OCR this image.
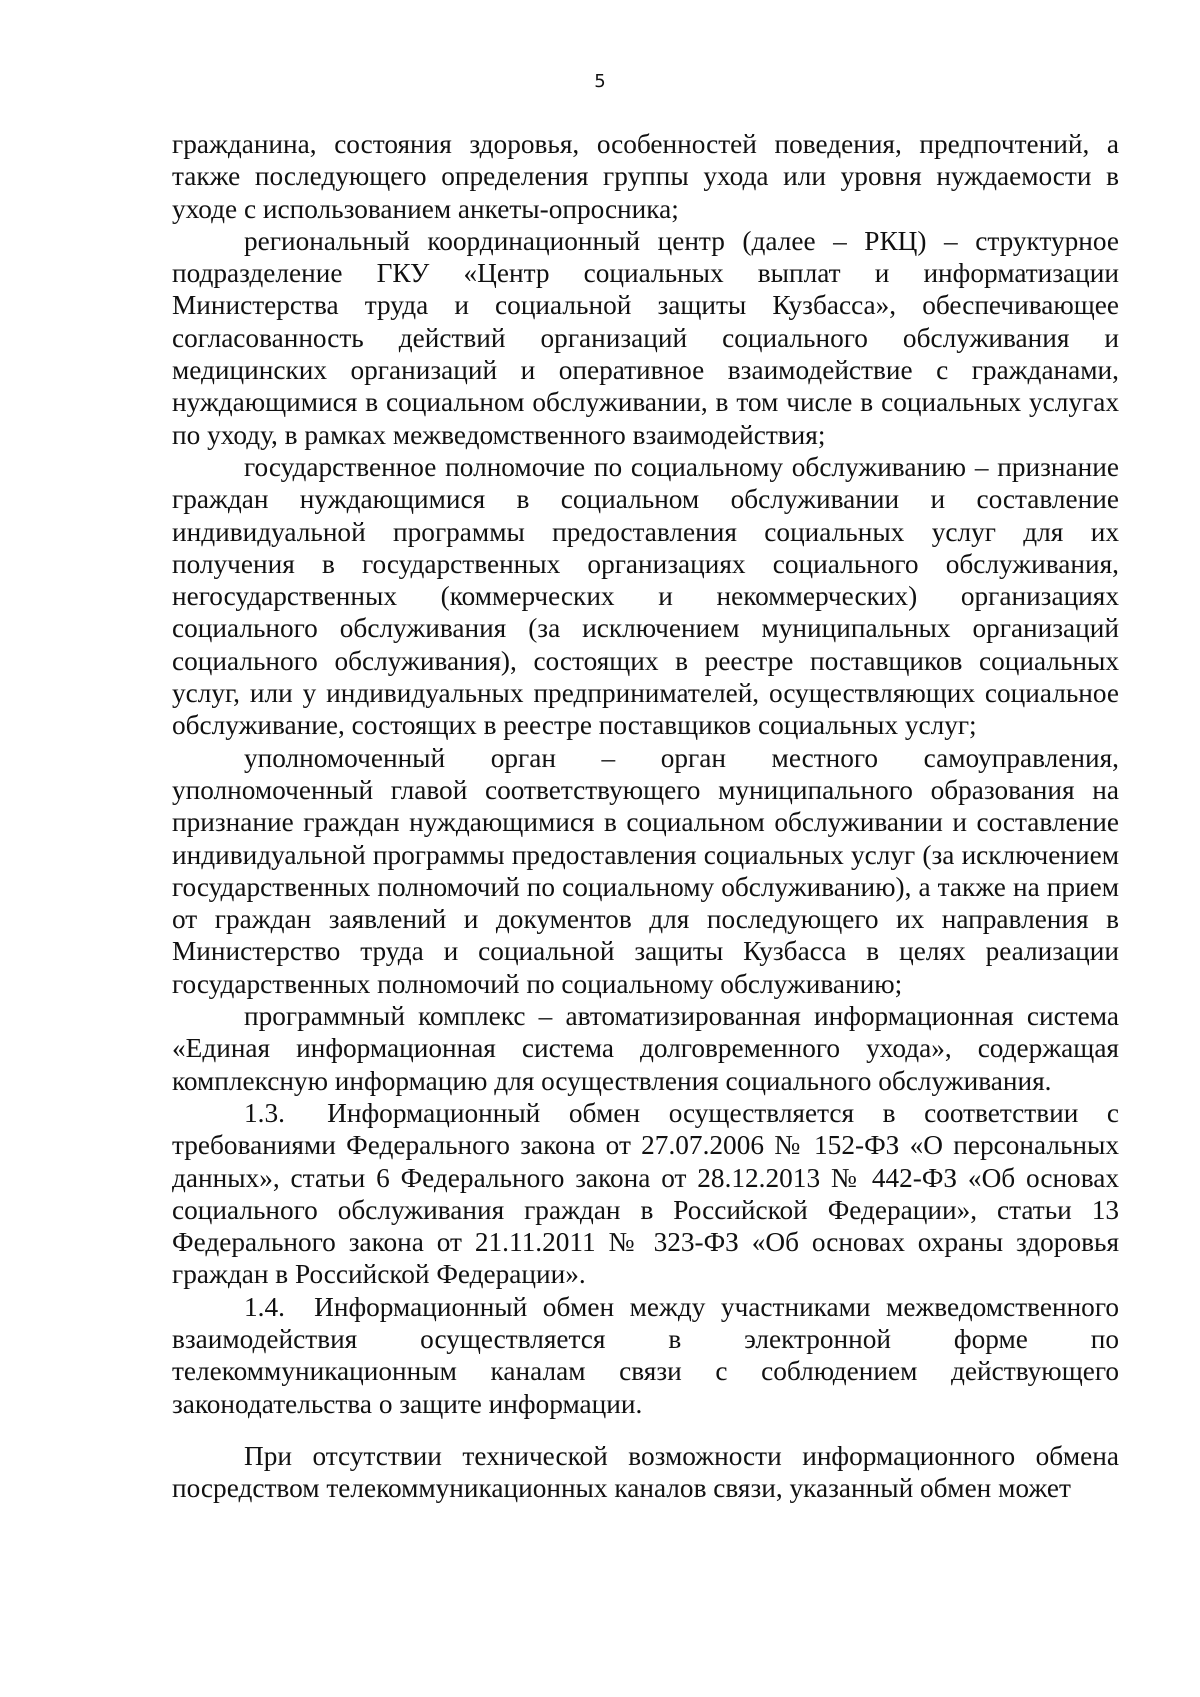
5

гражданина, состояния здоровья, особенностей поведения, предпочтений, а также последующего определения группы ухода или уровня нуждаемости в уходе с использованием анкеты-опросника;

региональный координационный центр (далее – РКЦ) – структурное подразделение ГКУ «Центр социальных выплат и информатизации Министерства труда и социальной защиты Кузбасса», обеспечивающее согласованность действий организаций социального обслуживания и медицинских организаций и оперативное взаимодействие с гражданами, нуждающимися в социальном обслуживании, в том числе в социальных услугах по уходу, в рамках межведомственного взаимодействия;

государственное полномочие по социальному обслуживанию – признание граждан нуждающимися в социальном обслуживании и составление индивидуальной программы предоставления социальных услуг для их получения в государственных организациях социального обслуживания, негосударственных (коммерческих и некоммерческих) организациях социального обслуживания (за исключением муниципальных организаций социального обслуживания), состоящих в реестре поставщиков социальных услуг, или у индивидуальных предпринимателей, осуществляющих социальное обслуживание, состоящих в реестре поставщиков социальных услуг;

уполномоченный орган – орган местного самоуправления, уполномоченный главой соответствующего муниципального образования на признание граждан нуждающимися в социальном обслуживании и составление индивидуальной программы предоставления социальных услуг (за исключением государственных полномочий по социальному обслуживанию), а также на прием от граждан заявлений и документов для последующего их направления в Министерство труда и социальной защиты Кузбасса в целях реализации государственных полномочий по социальному обслуживанию;

программный комплекс – автоматизированная информационная система «Единая информационная система долговременного ухода», содержащая комплексную информацию для осуществления социального обслуживания.

1.3.  Информационный обмен осуществляется в соответствии с требованиями Федерального закона от 27.07.2006 № 152-ФЗ «О персональных данных», статьи 6 Федерального закона от 28.12.2013 № 442-ФЗ «Об основах социального обслуживания граждан в Российской Федерации», статьи 13 Федерального закона от 21.11.2011 № 323-ФЗ «Об основах охраны здоровья граждан в Российской Федерации».

1.4.  Информационный обмен между участниками межведомственного взаимодействия осуществляется в электронной форме по телекоммуникационным каналам связи с соблюдением действующего законодательства о защите информации.

При отсутствии технической возможности информационного обмена посредством телекоммуникационных каналов связи, указанный обмен может
